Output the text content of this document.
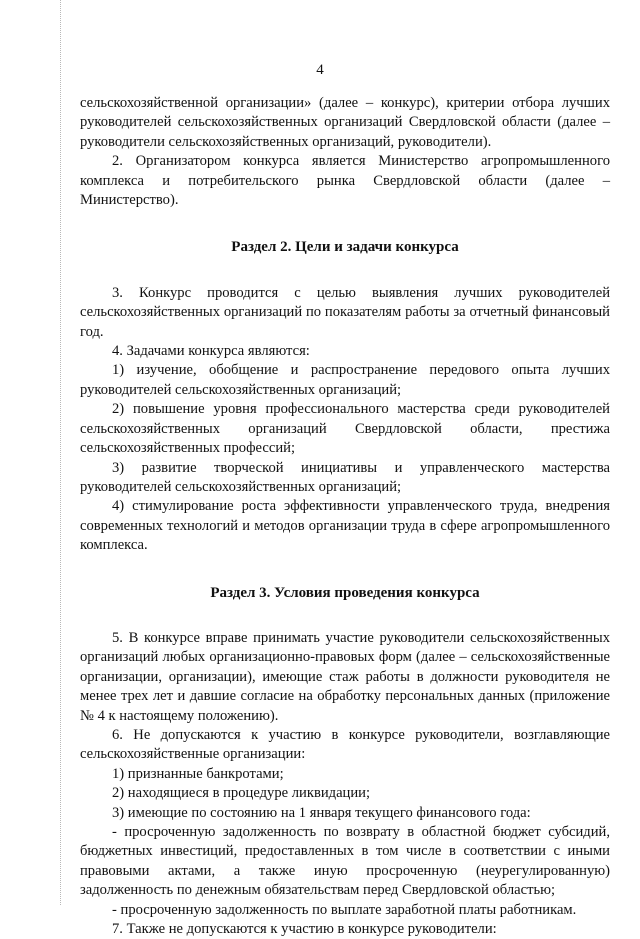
4

сельскохозяйственной организации» (далее – конкурс), критерии отбора лучших руководителей сельскохозяйственных организаций Свердловской области (далее – руководители сельскохозяйственных организаций, руководители).

2. Организатором конкурса является Министерство агропромышленного комплекса и потребительского рынка Свердловской области (далее – Министерство).

Раздел 2. Цели и задачи конкурса

3. Конкурс проводится с целью выявления лучших руководителей сельскохозяйственных организаций по показателям работы за отчетный финансовый год.

4. Задачами конкурса являются:

1) изучение, обобщение и распространение передового опыта лучших руководителей сельскохозяйственных организаций;

2) повышение уровня профессионального мастерства среди руководителей сельскохозяйственных организаций Свердловской области, престижа сельскохозяйственных профессий;

3) развитие творческой инициативы и управленческого мастерства руководителей сельскохозяйственных организаций;

4) стимулирование роста эффективности управленческого труда, внедрения современных технологий и методов организации труда в сфере агропромышленного комплекса.

Раздел 3. Условия проведения конкурса

5. В конкурсе вправе принимать участие руководители сельскохозяйственных организаций любых организационно-правовых форм (далее – сельскохозяйственные организации, организации), имеющие стаж работы в должности руководителя не менее трех лет и давшие согласие на обработку персональных данных (приложение № 4 к настоящему положению).

6. Не допускаются к участию в конкурсе руководители, возглавляющие сельскохозяйственные организации:

1) признанные банкротами;

2) находящиеся в процедуре ликвидации;

3) имеющие по состоянию на 1 января текущего финансового года:

- просроченную задолженность по возврату в областной бюджет субсидий, бюджетных инвестиций, предоставленных в том числе в соответствии с иными правовыми актами, а также иную просроченную (неурегулированную) задолженность по денежным обязательствам перед Свердловской областью;

- просроченную задолженность по выплате заработной платы работникам.

7. Также не допускаются к участию в конкурсе руководители:
